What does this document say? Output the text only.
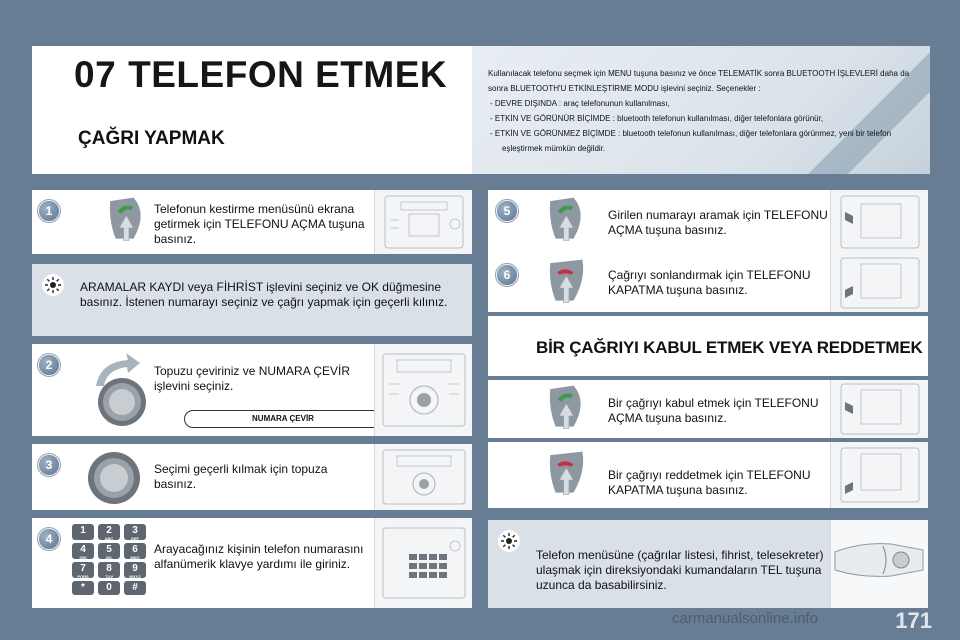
07 TELEFON ETMEK
ÇAĞRI YAPMAK

Kullanılacak telefonu seçmek için MENU tuşuna basınız ve önce TELEMATİK sonra BLUETOOTH İŞLEVLERİ daha da sonra BLUETOOTH'U ETKİNLEŞTİRME MODU işlevini seçiniz. Seçenekler :

- DEVRE DIŞINDA : araç telefonunun kullanılması,
- ETKİN VE GÖRÜNÜR BİÇİMDE : bluetooth telefonun kullanılması, diğer telefonlara görünür,
- ETKİN VE GÖRÜNMEZ BİÇİMDE : bluetooth telefonun kullanılması, diğer telefonlara görünmez, yeni bir telefon eşleştirmek mümkün değildir.
1	Telefonun kestirme menüsünü ekrana getirmek için TELEFONU AÇMA tuşuna basınız.
ARAMALAR KAYDI veya FİHRİST işlevini seçiniz ve OK düğmesine basınız. İstenen numarayı seçiniz ve çağrı yapmak için geçerli kılınız.
2	Topuzu çeviriniz ve NUMARA ÇEVİR işlevini seçiniz.
NUMARA ÇEVİR
3	Seçimi geçerli kılmak için topuza basınız.
4
1	2
ABC
3
DEF
4
GHI
5
JKL
6
MNO
7
PQRS
8
TUV
9
WXYZ
*	0	#
Arayacağınız kişinin telefon numarasını alfanümerik klavye yardımı ile giriniz.
5	Girilen numarayı aramak için TELEFONU AÇMA tuşuna basınız.
6	Çağrıyı sonlandırmak için TELEFONU KAPATMA tuşuna basınız.
BİR ÇAĞRIYI KABUL ETMEK VEYA REDDETMEK
Bir çağrıyı kabul etmek için TELEFONU AÇMA tuşuna basınız.
Bir çağrıyı reddetmek için TELEFONU KAPATMA tuşuna basınız.
Telefon menüsüne (çağrılar listesi, fihrist, telesekreter) ulaşmak için direksiyondaki kumandaların TEL tuşuna uzunca da basabilirsiniz.
171
carmanualsonline.info
